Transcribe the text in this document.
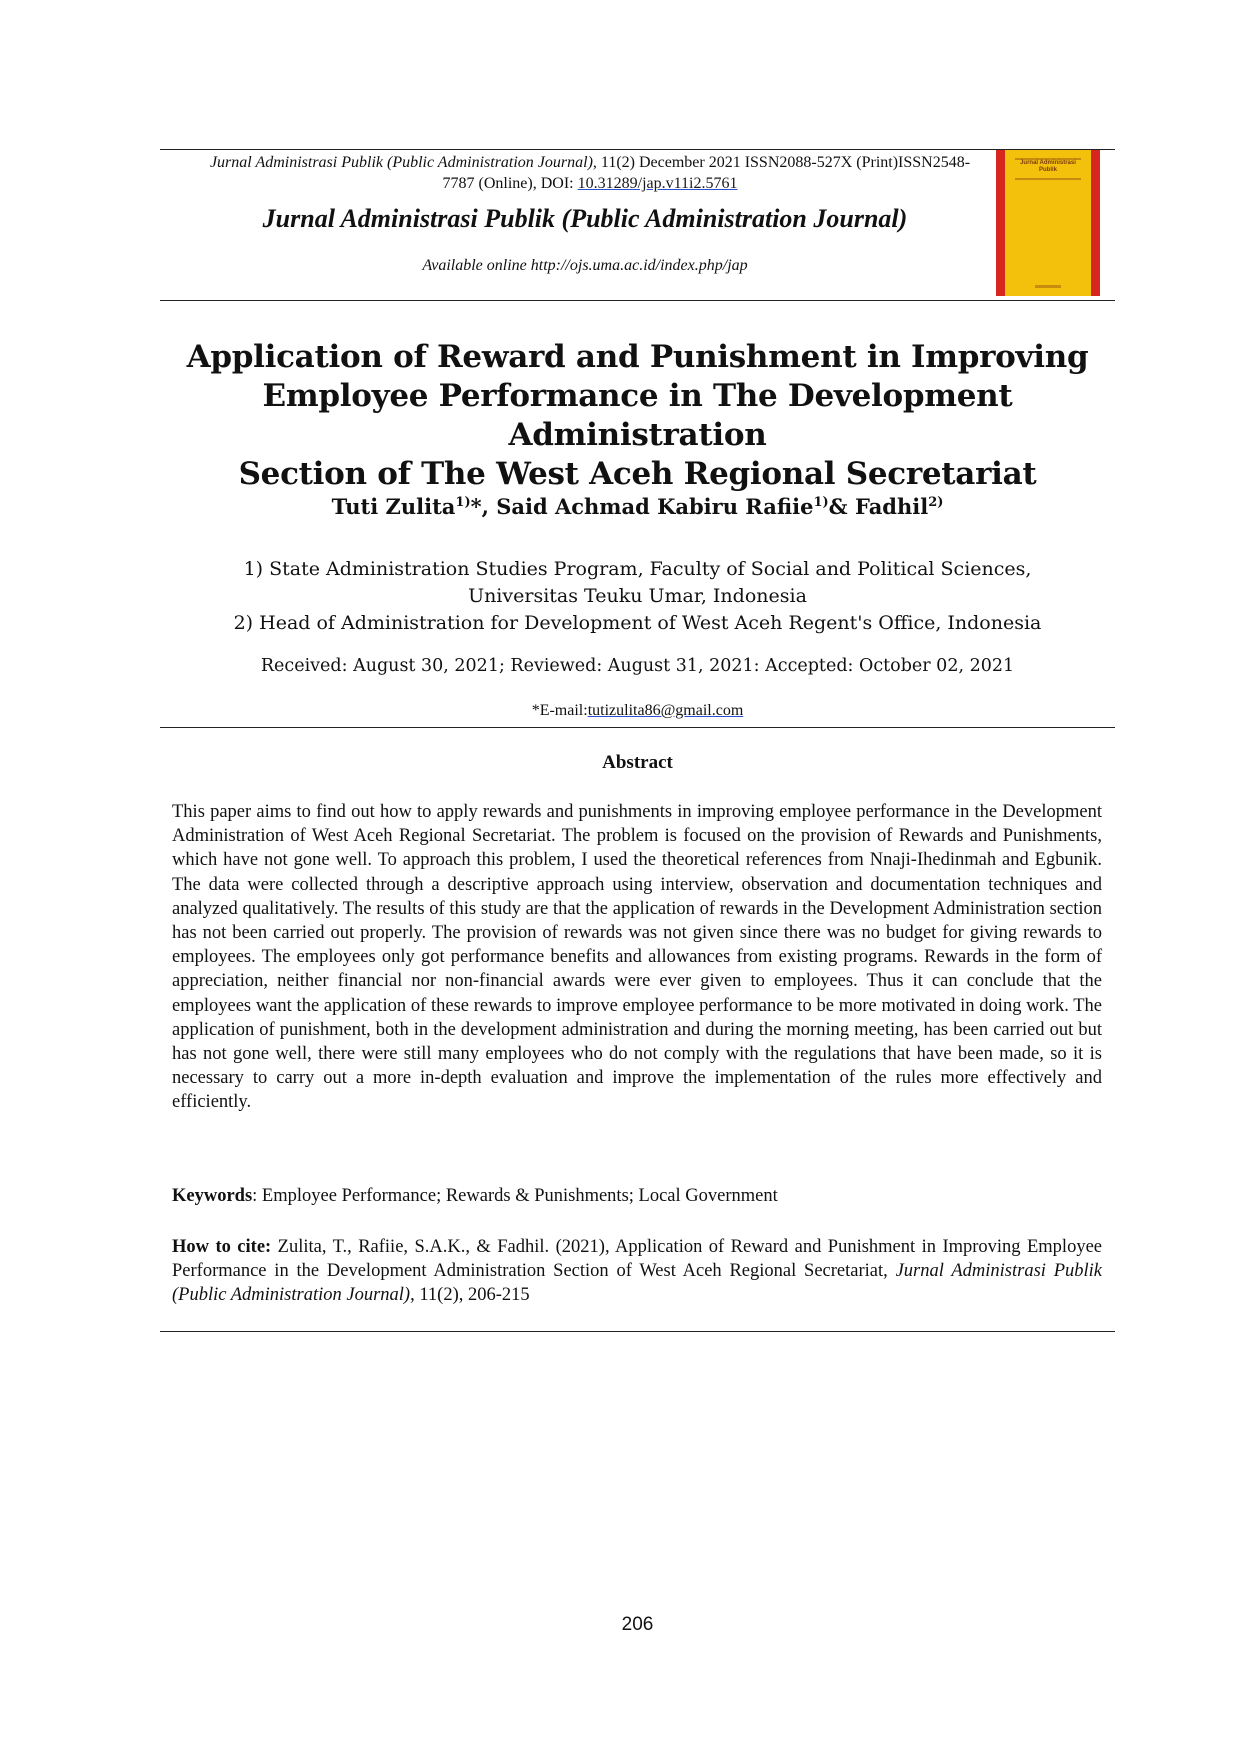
Jurnal Administrasi Publik (Public Administration Journal), 11(2) December 2021 ISSN2088-527X (Print)ISSN2548-7787 (Online), DOI: 10.31289/jap.v11i2.5761
Jurnal Administrasi Publik (Public Administration Journal)
Available online http://ojs.uma.ac.id/index.php/jap
Jurnal Administrasi Publik
Application of Reward and Punishment in Improving
Employee Performance in The Development Administration
Section of The West Aceh Regional Secretariat
Tuti Zulita$^{1)}$*, Said Achmad Kabiru Rafiie$^{1)}$& Fadhil$^{2)}$
1) State Administration Studies Program, Faculty of Social and Political Sciences,
Universitas Teuku Umar, Indonesia
2) Head of Administration for Development of West Aceh Regent's Office, Indonesia
Received: August 30, 2021; Reviewed: August 31, 2021: Accepted: October 02, 2021
*E-mail:tutizulita86@gmail.com
Abstract

This paper aims to find out how to apply rewards and punishments in improving employee performance in the Development Administration of West Aceh Regional Secretariat. The problem is focused on the provision of Rewards and Punishments, which have not gone well. To approach this problem, I used the theoretical references from Nnaji-Ihedinmah and Egbunik. The data were collected through a descriptive approach using interview, observation and documentation techniques and analyzed qualitatively. The results of this study are that the application of rewards in the Development Administration section has not been carried out properly. The provision of rewards was not given since there was no budget for giving rewards to employees. The employees only got performance benefits and allowances from existing programs. Rewards in the form of appreciation, neither financial nor non-financial awards were ever given to employees. Thus it can conclude that the employees want the application of these rewards to improve employee performance to be more motivated in doing work. The application of punishment, both in the development administration and during the morning meeting, has been carried out but has not gone well, there were still many employees who do not comply with the regulations that have been made, so it is necessary to carry out a more in-depth evaluation and improve the implementation of the rules more effectively and efficiently.

Keywords: Employee Performance; Rewards & Punishments; Local Government
How to cite: Zulita, T., Rafiie, S.A.K., & Fadhil. (2021), Application of Reward and Punishment in Improving Employee Performance in the Development Administration Section of West Aceh Regional Secretariat, Jurnal Administrasi Publik (Public Administration Journal), 11(2), 206-215
206
